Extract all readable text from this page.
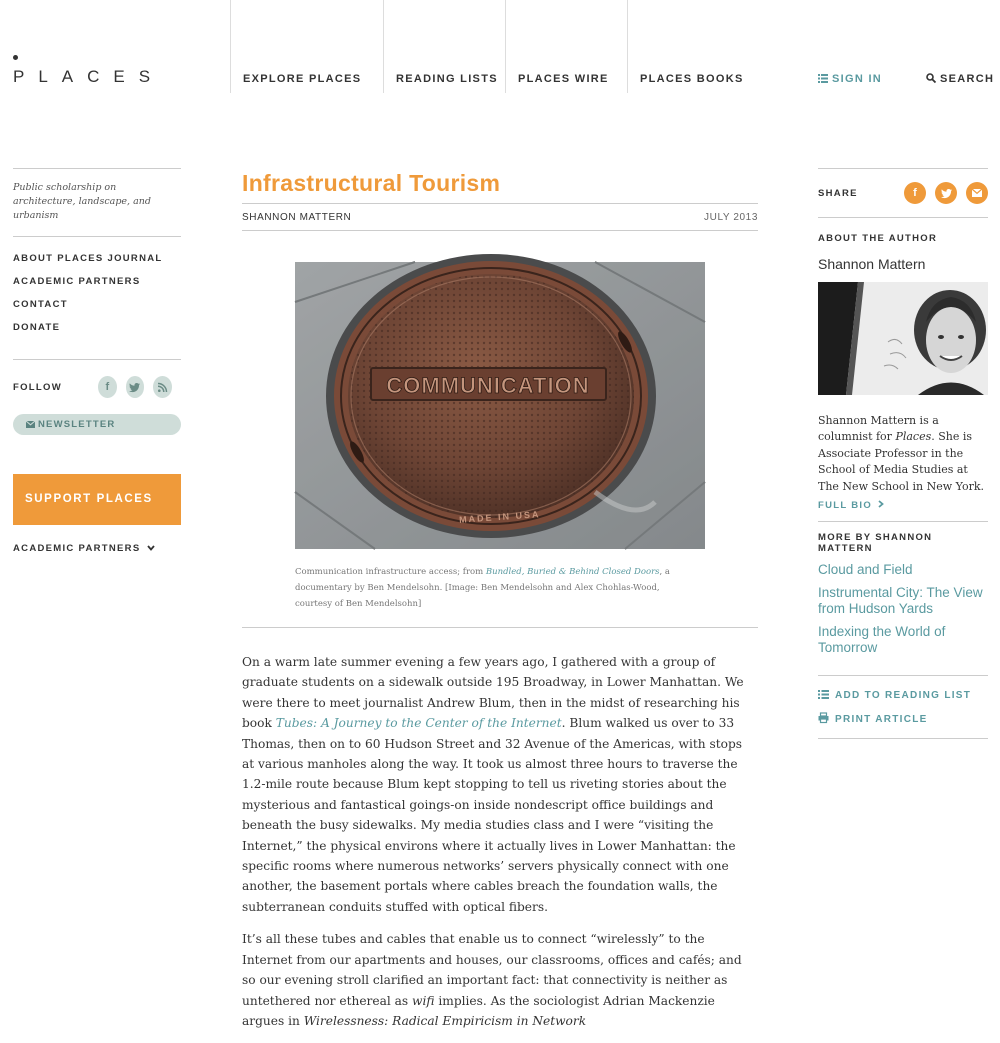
PLACES	EXPLORE PLACES	READING LISTS PLACES WIRE	PLACES BOOKS	SIGN IN	SEARCH
Public scholarship on architecture, landscape, and urbanism
ABOUT PLACES JOURNAL
ACADEMIC PARTNERS
CONTACT
DONATE
FOLLOW	f
NEWSLETTER
SUPPORT PLACES
ACADEMIC PARTNERS
Infrastructural Tourism
SHANNON MATTERN	JULY 2013
COMMUNICATION
MADE IN USA
Communication infrastructure access; from Bundled, Buried & Behind Closed Doors, a documentary by Ben Mendelsohn. [Image: Ben Mendelsohn and Alex Chohlas-Wood, courtesy of Ben Mendelsohn]

On a warm late summer evening a few years ago, I gathered with a group of graduate students on a sidewalk outside 195 Broadway, in Lower Manhattan. We were there to meet journalist Andrew Blum, then in the midst of researching his book Tubes: A Journey to the Center of the Internet. Blum walked us over to 33 Thomas, then on to 60 Hudson Street and 32 Avenue of the Americas, with stops at various manholes along the way. It took us almost three hours to traverse the 1.2-mile route because Blum kept stopping to tell us riveting stories about the mysterious and fantastical goings-on inside nondescript office buildings and beneath the busy sidewalks. My media studies class and I were “visiting the Internet,” the physical environs where it actually lives in Lower Manhattan: the specific rooms where numerous networks’ servers physically connect with one another, the basement portals where cables breach the foundation walls, the subterranean conduits stuffed with optical fibers.

It’s all these tubes and cables that enable us to connect “wirelessly” to the Internet from our apartments and houses, our classrooms, offices and cafés; and so our evening stroll clarified an important fact: that connectivity is neither as untethered nor ethereal as wifi implies. As the sociologist Adrian Mackenzie argues in Wirelessness: Radical Empiricism in Network

SHARE	f
ABOUT THE AUTHOR
Shannon Mattern
Shannon Mattern is a columnist for Places. She is Associate Professor in the School of Media Studies at The New School in New York.
FULL BIO
MORE BY SHANNON MATTERN
Cloud and Field
Instrumental City: The View from Hudson Yards
Indexing the World of Tomorrow
ADD TO READING LIST
PRINT ARTICLE
